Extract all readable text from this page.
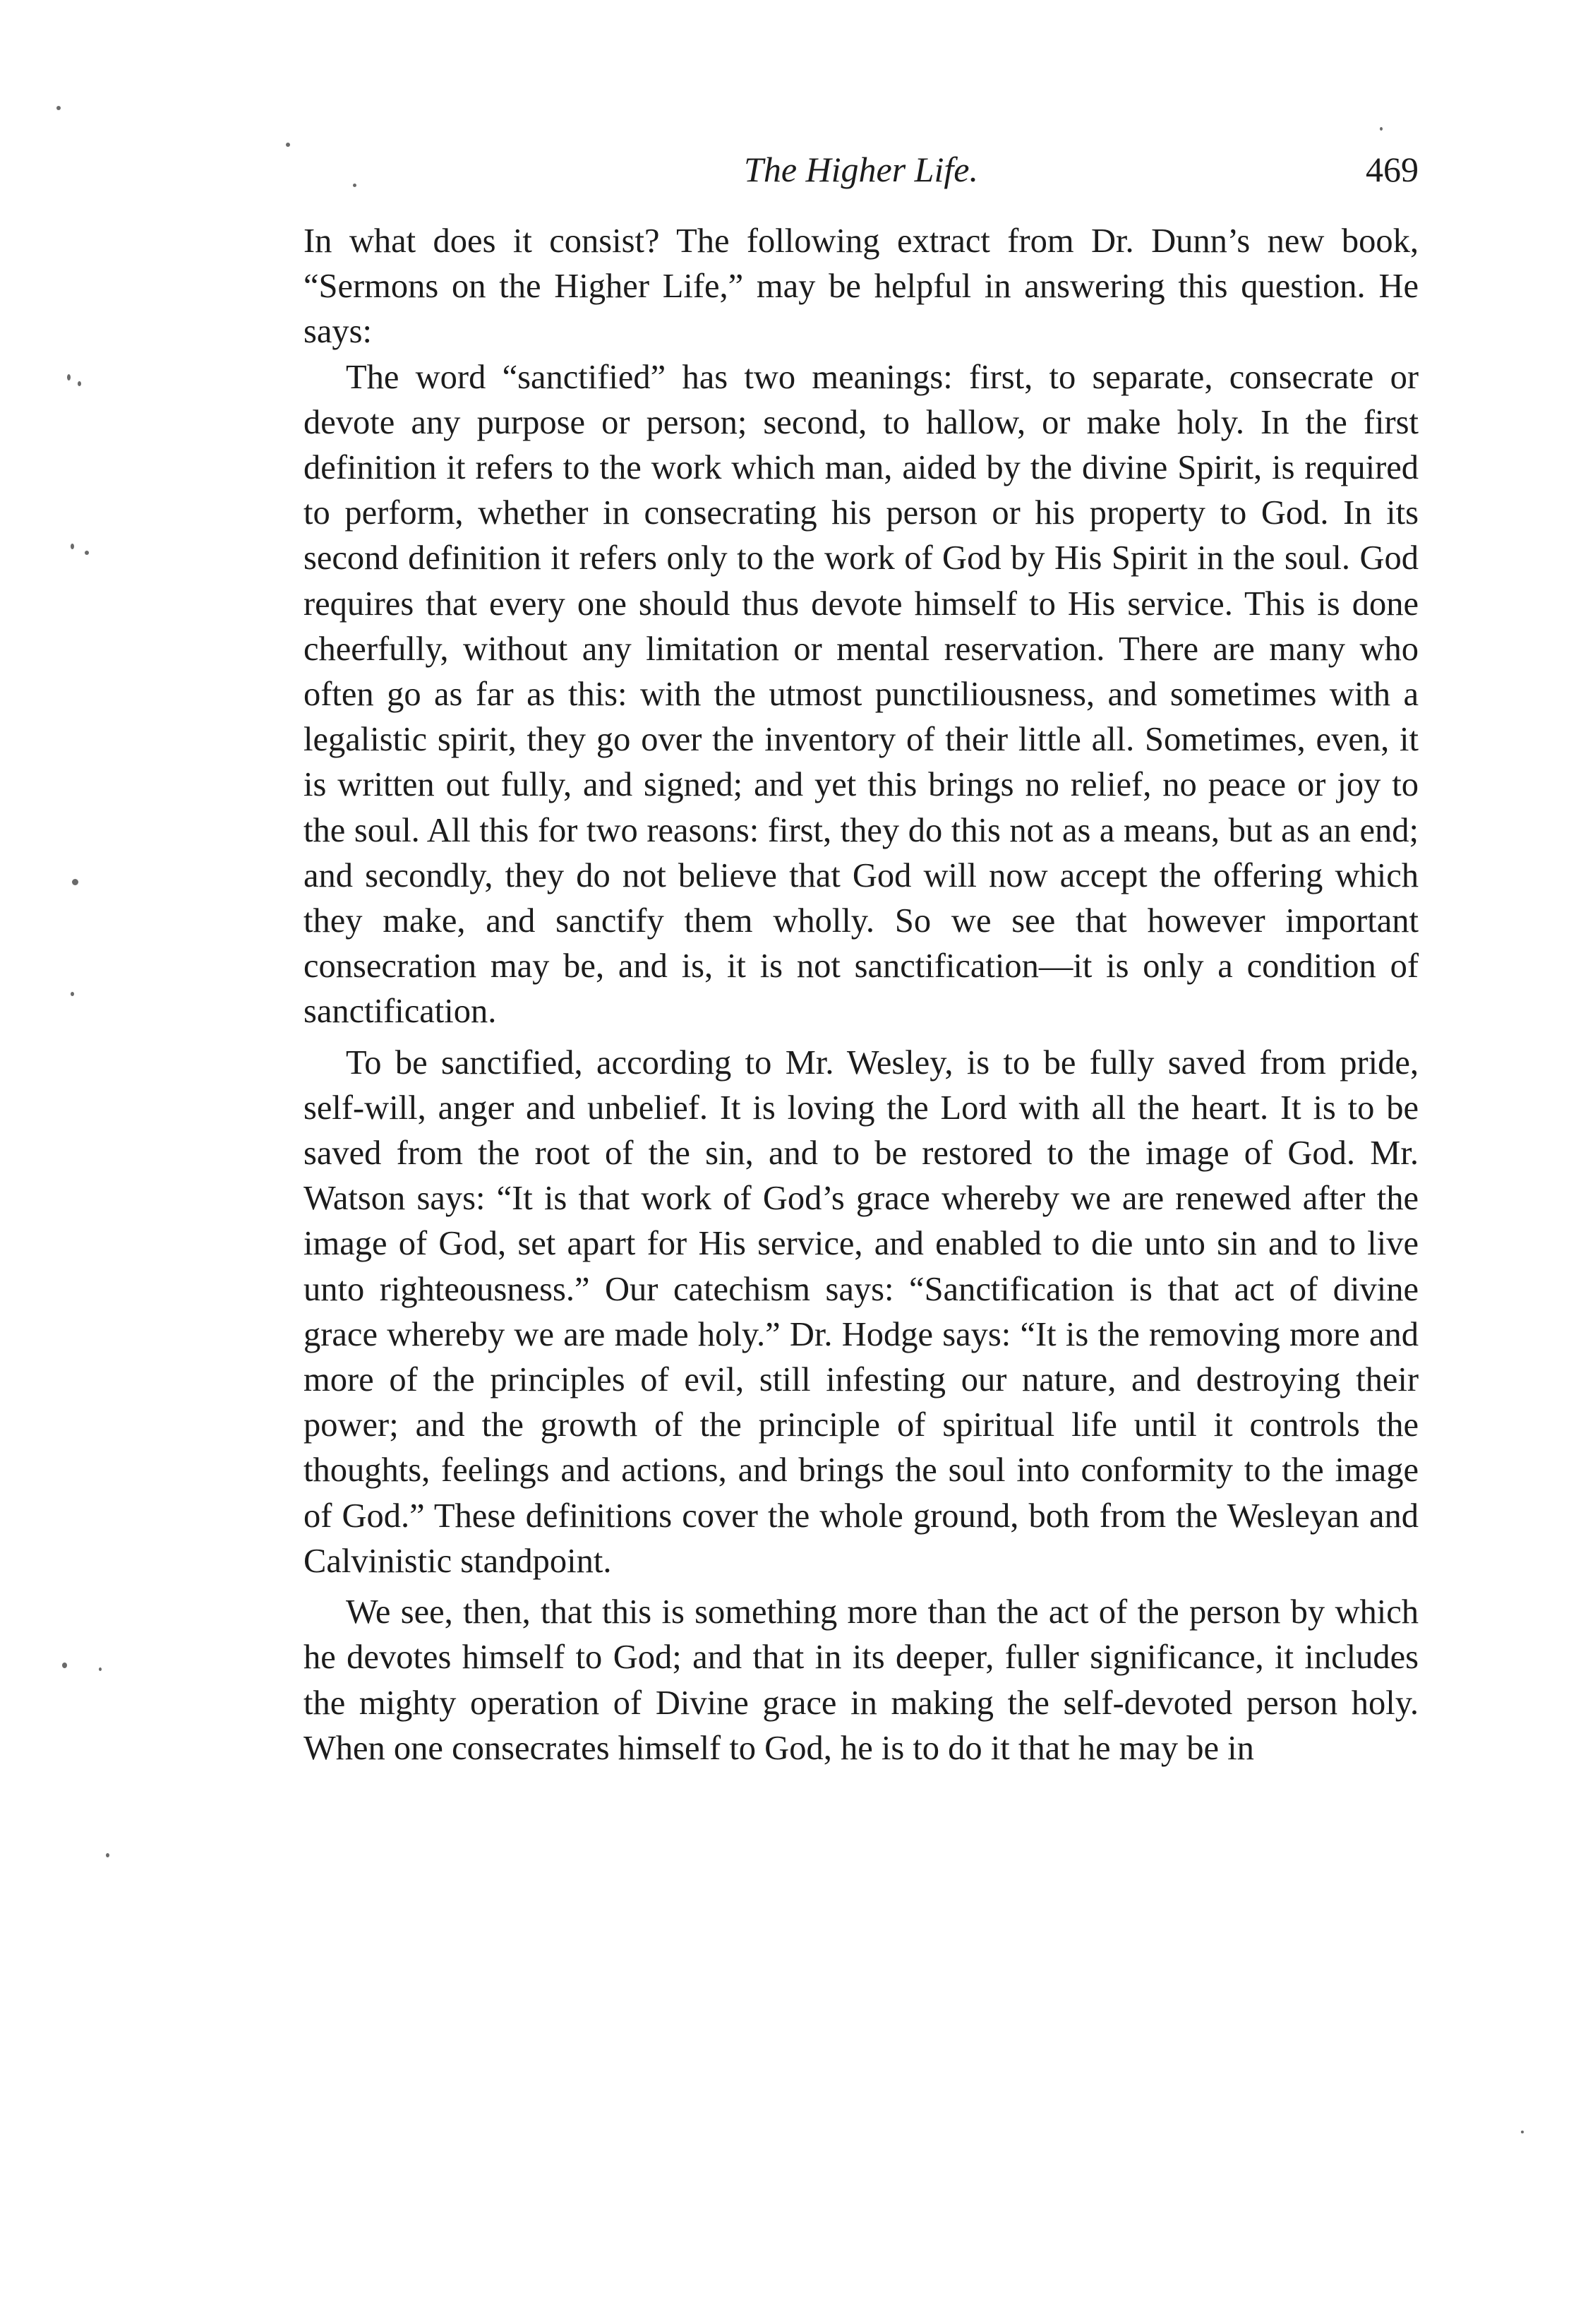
The Higher Life.	469

In what does it consist? The following extract from Dr. Dunn’s new book, “Sermons on the Higher Life,” may be helpful in answering this question. He says:

The word “sanctified” has two meanings: first, to separate, consecrate or devote any purpose or person; second, to hallow, or make holy. In the first definition it refers to the work which man, aided by the divine Spirit, is required to perform, whether in consecrating his person or his property to God. In its second definition it refers only to the work of God by His Spirit in the soul. God requires that every one should thus devote himself to His service. This is done cheerfully, without any limitation or mental reservation. There are many who often go as far as this: with the utmost punctiliousness, and sometimes with a legalistic spirit, they go over the inventory of their little all. Sometimes, even, it is written out fully, and signed; and yet this brings no relief, no peace or joy to the soul. All this for two reasons: first, they do this not as a means, but as an end; and secondly, they do not believe that God will now accept the offering which they make, and sanctify them wholly. So we see that however important consecration may be, and is, it is not sanctification—it is only a condition of sanctification.

To be sanctified, according to Mr. Wesley, is to be fully saved from pride, self-will, anger and unbelief. It is loving the Lord with all the heart. It is to be saved from the root of the sin, and to be restored to the image of God. Mr. Watson says: “It is that work of God’s grace whereby we are renewed after the image of God, set apart for His service, and enabled to die unto sin and to live unto righteousness.” Our catechism says: “Sanctification is that act of divine grace whereby we are made holy.” Dr. Hodge says: “It is the removing more and more of the principles of evil, still infesting our nature, and destroying their power; and the growth of the principle of spiritual life until it controls the thoughts, feelings and actions, and brings the soul into conformity to the image of God.” These definitions cover the whole ground, both from the Wesleyan and Calvinistic standpoint.

We see, then, that this is something more than the act of the person by which he devotes himself to God; and that in its deeper, fuller significance, it includes the mighty operation of Divine grace in making the self-devoted person holy. When one consecrates himself to God, he is to do it that he may be in
